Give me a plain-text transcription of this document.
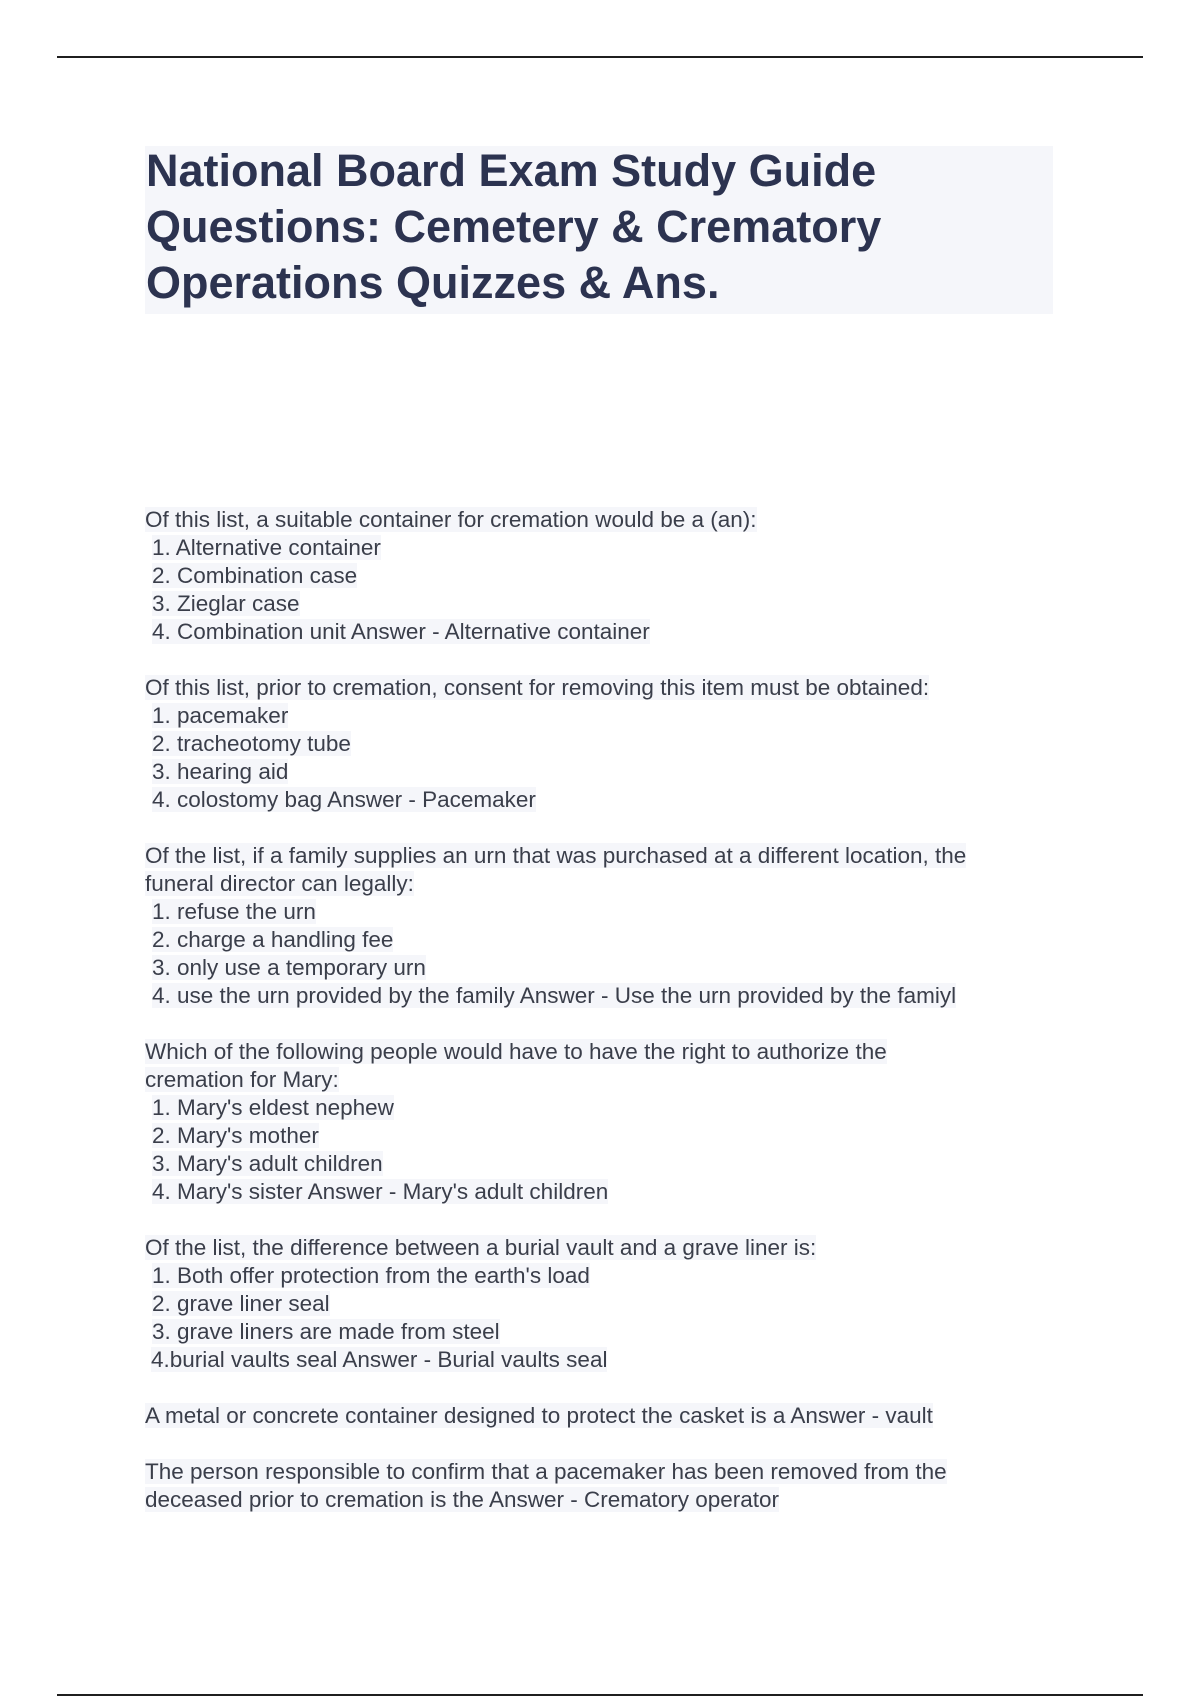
National Board Exam Study Guide
Questions: Cemetery & Crematory
Operations Quizzes & Ans.
Of this list, a suitable container for cremation would be a (an):
1. Alternative container
2. Combination case
3. Zieglar case
4. Combination unit Answer - Alternative container
Of this list, prior to cremation, consent for removing this item must be obtained:
1. pacemaker
2. tracheotomy tube
3. hearing aid
4. colostomy bag Answer - Pacemaker
Of the list, if a family supplies an urn that was purchased at a different location, the
funeral director can legally:
1. refuse the urn
2. charge a handling fee
3. only use a temporary urn
4. use the urn provided by the family Answer - Use the urn provided by the famiyl
Which of the following people would have to have the right to authorize the
cremation for Mary:
1. Mary's eldest nephew
2. Mary's mother
3. Mary's adult children
4. Mary's sister Answer - Mary's adult children
Of the list, the difference between a burial vault and a grave liner is:
1. Both offer protection from the earth's load
2. grave liner seal
3. grave liners are made from steel
4.burial vaults seal Answer - Burial vaults seal
A metal or concrete container designed to protect the casket is a Answer - vault
The person responsible to confirm that a pacemaker has been removed from the
deceased prior to cremation is the Answer - Crematory operator
